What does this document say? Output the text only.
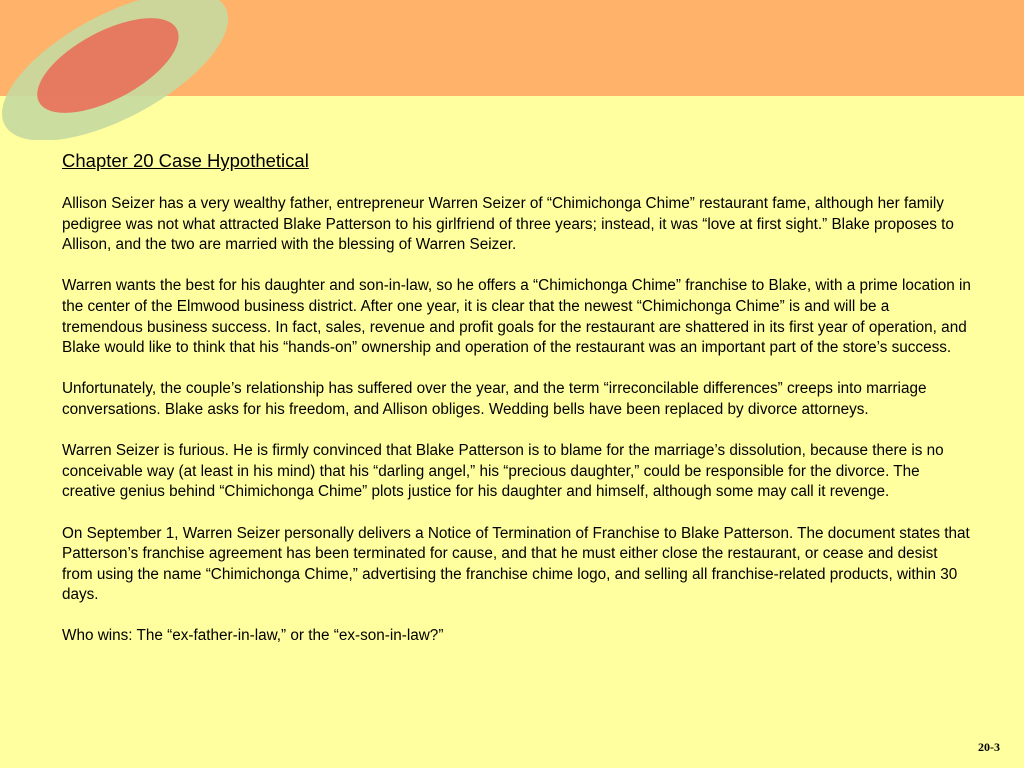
Chapter 20 Case Hypothetical

Allison Seizer has a very wealthy father, entrepreneur Warren Seizer of “Chimichonga Chime” restaurant fame, although her family pedigree was not what attracted Blake Patterson to his girlfriend of three years; instead, it was “love at first sight.” Blake proposes to Allison, and the two are married with the blessing of Warren Seizer.

Warren wants the best for his daughter and son-in-law, so he offers a “Chimichonga Chime” franchise to Blake, with a prime location in the center of the Elmwood business district. After one year, it is clear that the newest “Chimichonga Chime” is and will be a tremendous business success. In fact, sales, revenue and profit goals for the restaurant are shattered in its first year of operation, and Blake would like to think that his “hands-on” ownership and operation of the restaurant was an important part of the store’s success.

Unfortunately, the couple’s relationship has suffered over the year, and the term “irreconcilable differences” creeps into marriage conversations. Blake asks for his freedom, and Allison obliges. Wedding bells have been replaced by divorce attorneys.

Warren Seizer is furious. He is firmly convinced that Blake Patterson is to blame for the marriage’s dissolution, because there is no conceivable way (at least in his mind) that his “darling angel,” his “precious daughter,” could be responsible for the divorce. The creative genius behind “Chimichonga Chime” plots justice for his daughter and himself, although some may call it revenge.

On September 1, Warren Seizer personally delivers a Notice of Termination of Franchise to Blake Patterson. The document states that Patterson’s franchise agreement has been terminated for cause, and that he must either close the restaurant, or cease and desist from using the name “Chimichonga Chime,” advertising the franchise chime logo, and selling all franchise-related products, within 30 days.

Who wins: The “ex-father-in-law,” or the “ex-son-in-law?”

20-3
